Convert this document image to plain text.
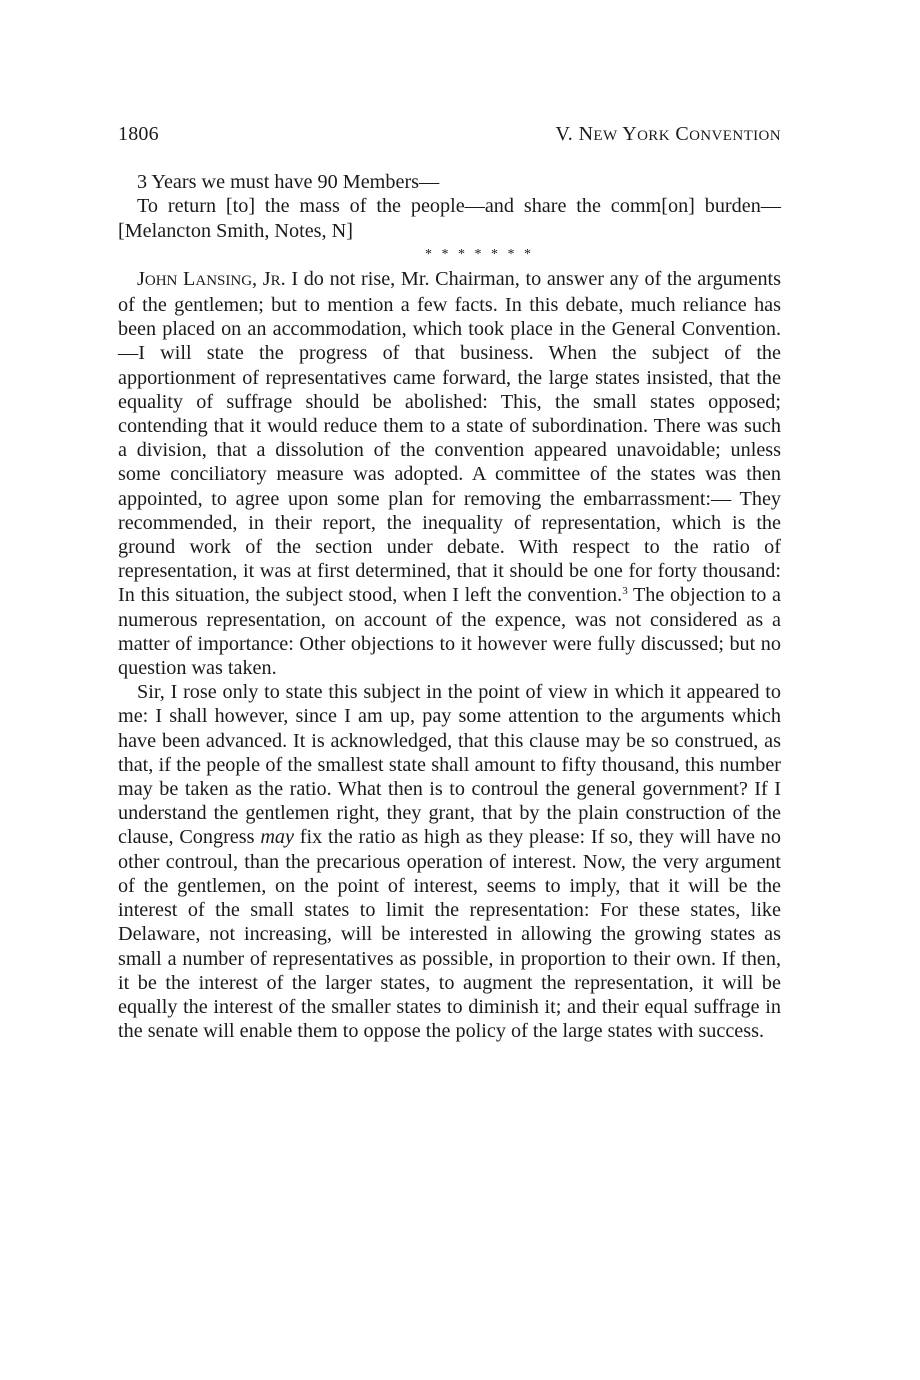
1806	V. NEW YORK CONVENTION

3 Years we must have 90 Members—

To return [to] the mass of the people—and share the comm[on] burden— [Melancton Smith, Notes, N]

* * * * * * *

JOHN LANSING, JR. I do not rise, Mr. Chairman, to answer any of the arguments of the gentlemen; but to mention a few facts. In this debate, much reliance has been placed on an accommodation, which took place in the General Convention.—I will state the progress of that business. When the subject of the apportionment of representatives came forward, the large states insisted, that the equality of suffrage should be abolished: This, the small states opposed; contending that it would reduce them to a state of subordination. There was such a division, that a dissolution of the convention appeared unavoidable; unless some conciliatory measure was adopted. A committee of the states was then appointed, to agree upon some plan for removing the embarrassment:— They recommended, in their report, the inequality of representation, which is the ground work of the section under debate. With respect to the ratio of representation, it was at first determined, that it should be one for forty thousand: In this situation, the subject stood, when I left the convention.$^3$ The objection to a numerous representation, on account of the expence, was not considered as a matter of importance: Other objections to it however were fully discussed; but no question was taken.

Sir, I rose only to state this subject in the point of view in which it appeared to me: I shall however, since I am up, pay some attention to the arguments which have been advanced. It is acknowledged, that this clause may be so construed, as that, if the people of the smallest state shall amount to fifty thousand, this number may be taken as the ratio. What then is to controul the general government? If I understand the gentlemen right, they grant, that by the plain construction of the clause, Congress may fix the ratio as high as they please: If so, they will have no other controul, than the precarious operation of interest. Now, the very argument of the gentlemen, on the point of interest, seems to imply, that it will be the interest of the small states to limit the representation: For these states, like Delaware, not increasing, will be interested in allowing the growing states as small a number of representatives as possible, in proportion to their own. If then, it be the interest of the larger states, to augment the representation, it will be equally the interest of the smaller states to diminish it; and their equal suffrage in the senate will enable them to oppose the policy of the large states with success.
